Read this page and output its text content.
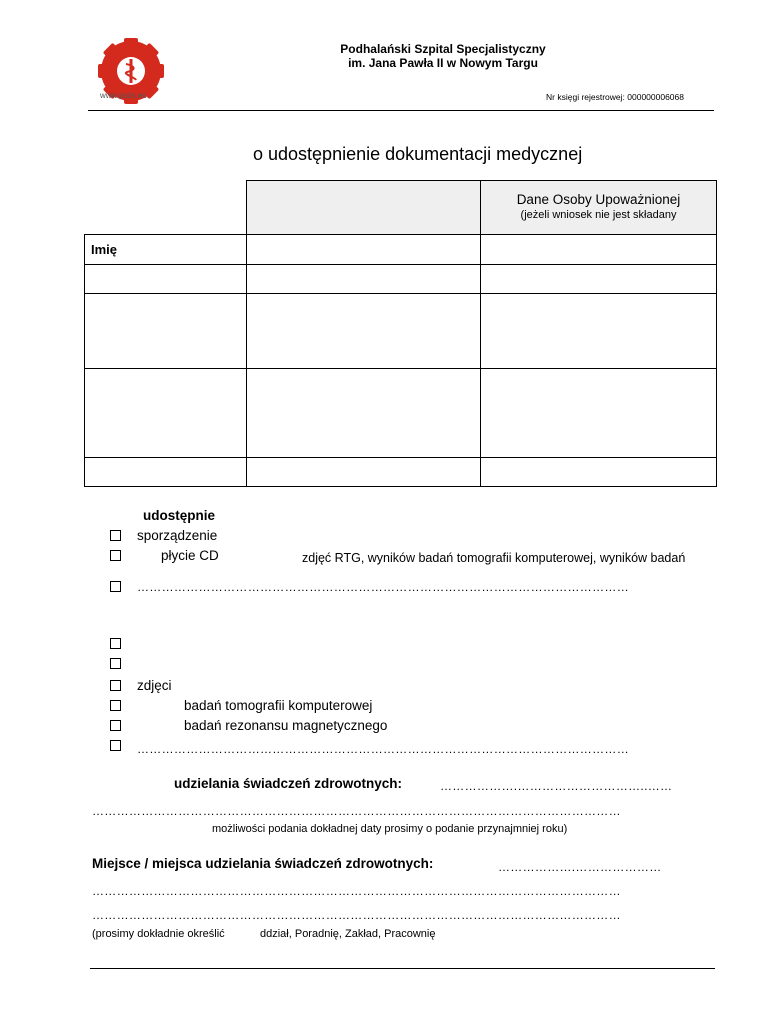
www.pszs.eu
Podhalański Szpital Specjalistyczny
im. Jana Pawła II w Nowym Targu
Nr księgi rejestrowej: 000000006068
o udostępnienie dokumentacji medycznej

		Dane Osoby Upoważnionej
(jeżeli wniosek nie jest składany

Imię		

udostępnie
sporządzenie
płycie CD	zdjęć RTG, wyników badań tomografii komputerowej, wyników badań
…………………………………………………………………………………………………………
zdjęci
badań tomografii komputerowej
badań rezonansu magnetycznego
…………………………………………………………………………………………………………
udzielania świadczeń zdrowotnych:	……………….…………………………..……
…………………………………………………………………………………………………………………
możliwości podania dokładnej daty prosimy o podanie przynajmniej roku)
Miejsce / miejsca udzielania świadczeń zdrowotnych:	……………….…………………
…………………………………………………………………………………………………………………
…………………………………………………………………………………………………………………
(prosimy dokładnie określić	ddział, Poradnię, Zakład, Pracownię
